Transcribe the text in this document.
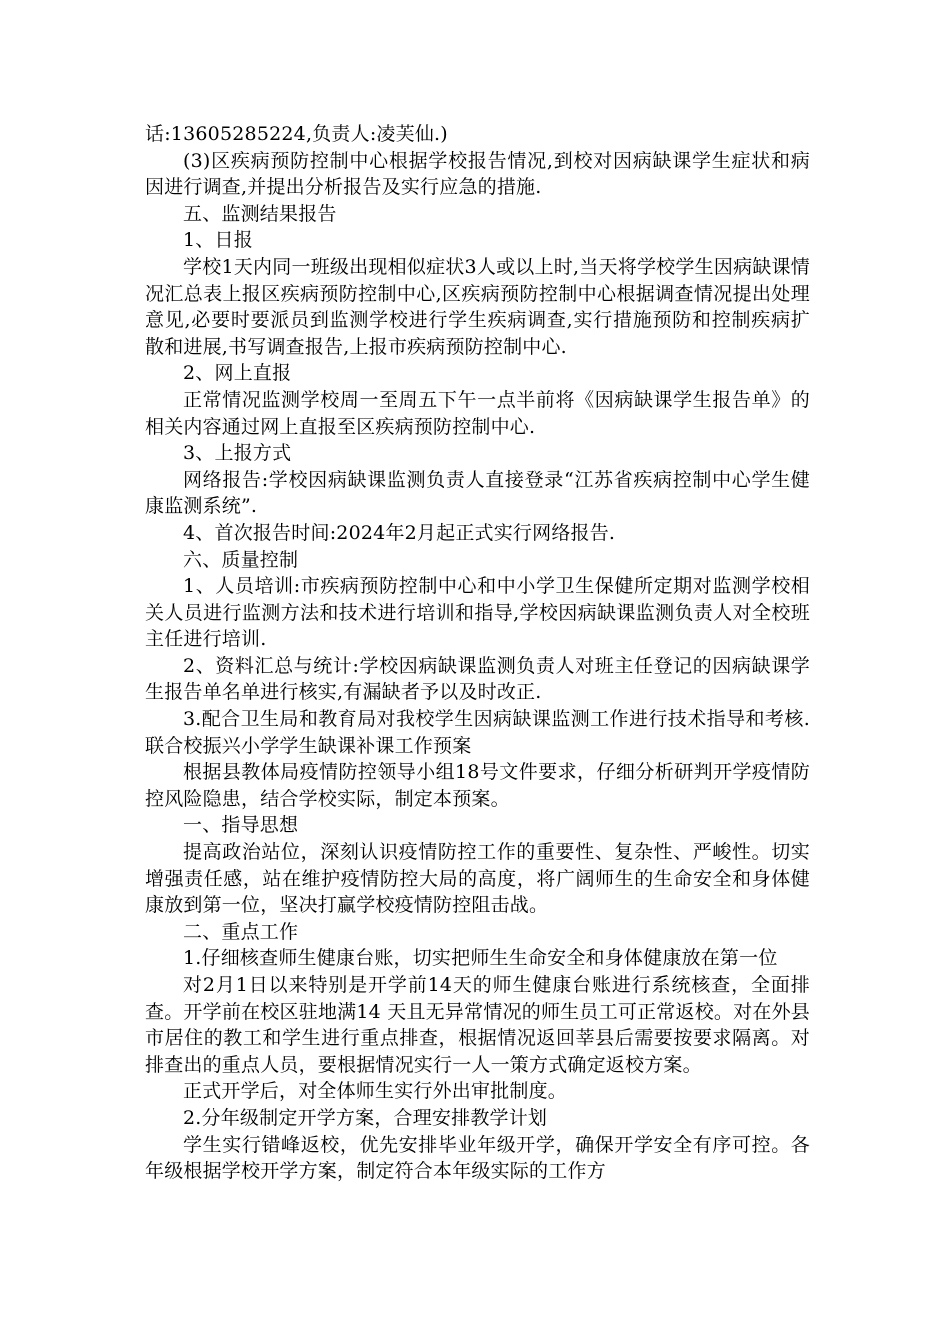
话:13605285224,负责人:凌芙仙.)

(3)区疾病预防控制中心根据学校报告情况,到校对因病缺课学生症状和病因进行调查,并提出分析报告及实行应急的措施.

五、监测结果报告

1、日报

学校1天内同一班级出现相似症状3人或以上时,当天将学校学生因病缺课情况汇总表上报区疾病预防控制中心,区疾病预防控制中心根据调查情况提出处理意见,必要时要派员到监测学校进行学生疾病调查,实行措施预防和控制疾病扩散和进展,书写调查报告,上报市疾病预防控制中心.

2、网上直报

正常情况监测学校周一至周五下午一点半前将《因病缺课学生报告单》的相关内容通过网上直报至区疾病预防控制中心.

3、上报方式

网络报告:学校因病缺课监测负责人直接登录“江苏省疾病控制中心学生健康监测系统”.

4、首次报告时间:2024年2月起正式实行网络报告.

六、质量控制

1、人员培训:市疾病预防控制中心和中小学卫生保健所定期对监测学校相关人员进行监测方法和技术进行培训和指导,学校因病缺课监测负责人对全校班主任进行培训.

2、资料汇总与统计:学校因病缺课监测负责人对班主任登记的因病缺课学生报告单名单进行核实,有漏缺者予以及时改正.

3.配合卫生局和教育局对我校学生因病缺课监测工作进行技术指导和考核.　　联合校振兴小学学生缺课补课工作预案

根据县教体局疫情防控领导小组18号文件要求，仔细分析研判开学疫情防控风险隐患，结合学校实际，制定本预案。

一、指导思想

提高政治站位，深刻认识疫情防控工作的重要性、复杂性、严峻性。切实增强责任感，站在维护疫情防控大局的高度，将广阔师生的生命安全和身体健康放到第一位，坚决打赢学校疫情防控阻击战。

二、重点工作

1.仔细核查师生健康台账，切实把师生生命安全和身体健康放在第一位

对2月1日以来特别是开学前14天的师生健康台账进行系统核查，全面排查。开学前在校区驻地满14 天且无异常情况的师生员工可正常返校。对在外县市居住的教工和学生进行重点排查，根据情况返回莘县后需要按要求隔离。对排查出的重点人员，要根据情况实行一人一策方式确定返校方案。

正式开学后，对全体师生实行外出审批制度。

2.分年级制定开学方案，合理安排教学计划

学生实行错峰返校，优先安排毕业年级开学，确保开学安全有序可控。各年级根据学校开学方案，制定符合本年级实际的工作方
